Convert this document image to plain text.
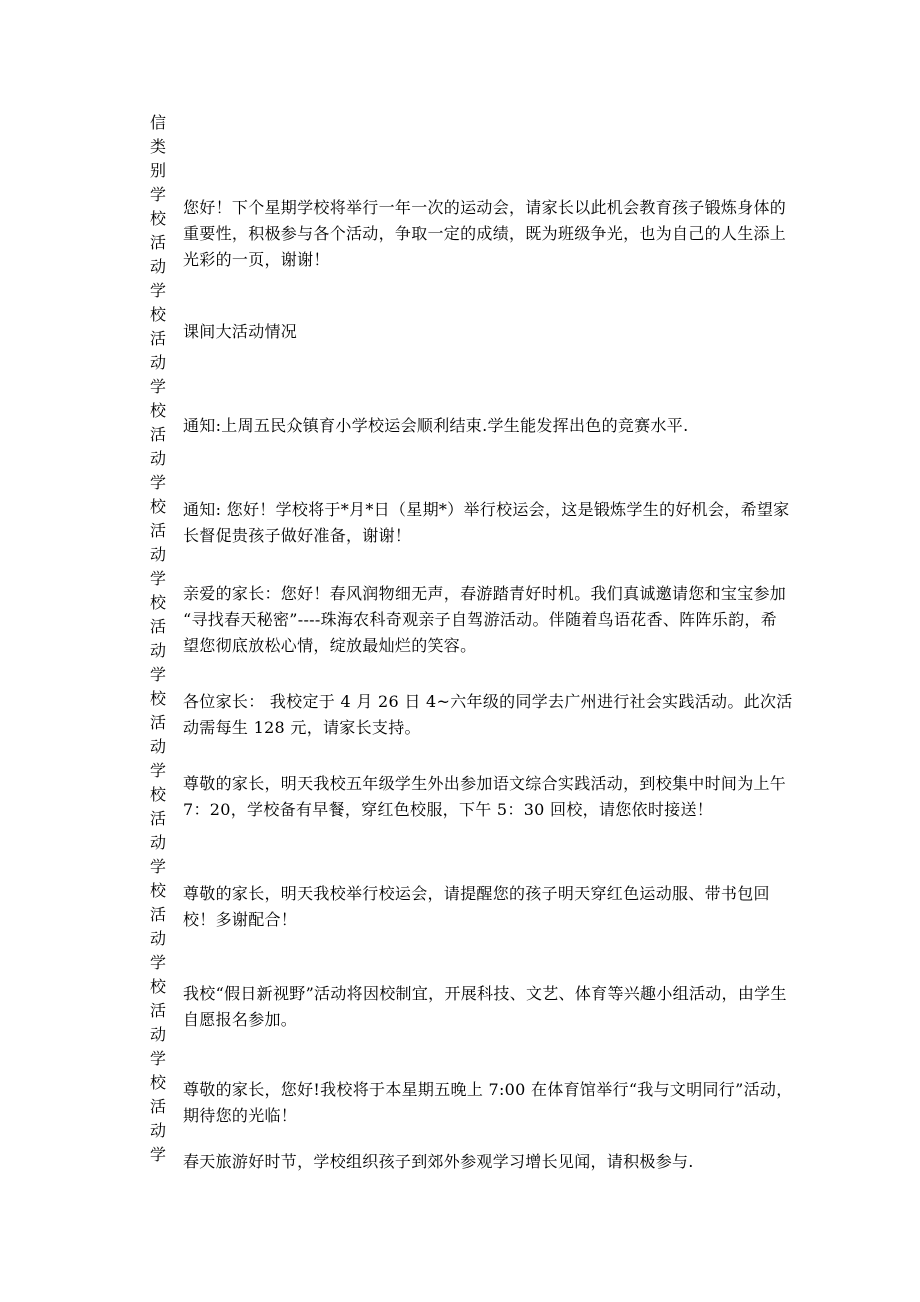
信
类
别
学
校
活
动
学
校
活
动
学
校
活
动
学
校
活
动
学
校
活
动
学
校
活
动
学
校
活
动
学
校
活
动
学
校
活
动
学
校
活
动
学
您好！下个星期学校将举行一年一次的运动会，请家长以此机会教育孩子锻炼身体的重要性，积极参与各个活动，争取一定的成绩，既为班级争光，也为自己的人生添上光彩的一页，谢谢！
课间大活动情况
通知:上周五民众镇育小学校运会顺利结束.学生能发挥出色的竞赛水平.
通知: 您好！学校将于*月*日（星期*）举行校运会，这是锻炼学生的好机会，希望家长督促贵孩子做好准备，谢谢！
亲爱的家长：您好！春风润物细无声，春游踏青好时机。我们真诚邀请您和宝宝参加 “寻找春天秘密”----珠海农科奇观亲子自驾游活动。伴随着鸟语花香、阵阵乐韵，希望您彻底放松心情，绽放最灿烂的笑容。
各位家长： 我校定于 4 月 26 日 4~六年级的同学去广州进行社会实践活动。此次活动需每生 128 元，请家长支持。
尊敬的家长，明天我校五年级学生外出参加语文综合实践活动，到校集中时间为上午 7：20，学校备有早餐，穿红色校服，下午 5：30 回校，请您依时接送！
尊敬的家长，明天我校举行校运会，请提醒您的孩子明天穿红色运动服、带书包回校！多谢配合！
我校“假日新视野”活动将因校制宜，开展科技、文艺、体育等兴趣小组活动，由学生自愿报名参加。
尊敬的家长，您好!我校将于本星期五晚上 7:00 在体育馆举行“我与文明同行”活动，期待您的光临！
春天旅游好时节，学校组织孩子到郊外参观学习增长见闻，请积极参与.
